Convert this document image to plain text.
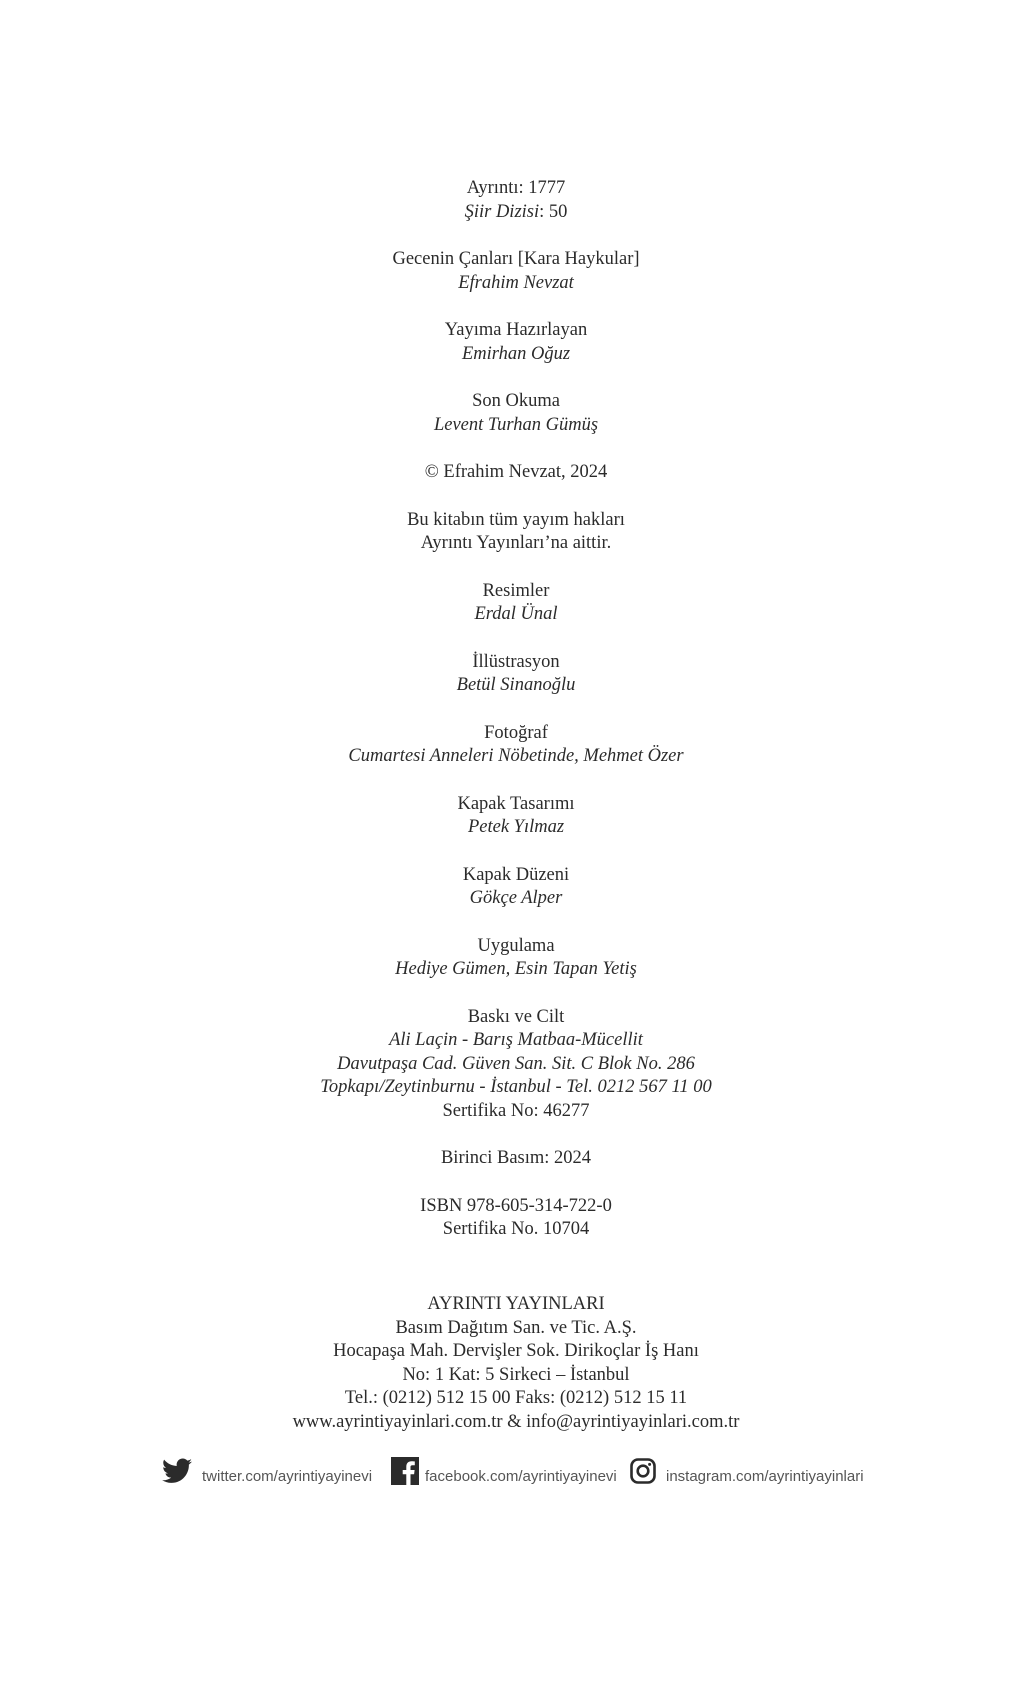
Ayrıntı: 1777
Şiir Dizisi: 50
Gecenin Çanları [Kara Haykular]
Efrahim Nevzat
Yayıma Hazırlayan
Emirhan Oğuz
Son Okuma
Levent Turhan Gümüş
© Efrahim Nevzat, 2024
Bu kitabın tüm yayım hakları
Ayrıntı Yayınları’na aittir.
Resimler
Erdal Ünal
İllüstrasyon
Betül Sinanoğlu
Fotoğraf
Cumartesi Anneleri Nöbetinde, Mehmet Özer
Kapak Tasarımı
Petek Yılmaz
Kapak Düzeni
Gökçe Alper
Uygulama
Hediye Gümen, Esin Tapan Yetiş
Baskı ve Cilt
Ali Laçin - Barış Matbaa-Mücellit
Davutpaşa Cad. Güven San. Sit. C Blok No. 286
Topkapı/Zeytinburnu - İstanbul - Tel. 0212 567 11 00
Sertifika No: 46277
Birinci Basım: 2024
ISBN 978-605-314-722-0
Sertifika No. 10704
AYRINTI YAYINLARI
Basım Dağıtım San. ve Tic. A.Ş.
Hocapaşa Mah. Dervişler Sok. Dirikoçlar İş Hanı
No: 1 Kat: 5 Sirkeci – İstanbul
Tel.: (0212) 512 15 00 Faks: (0212) 512 15 11
www.ayrintiyayinlari.com.tr & info@ayrintiyayinlari.com.tr
twitter.com/ayrintiyayinevi	facebook.com/ayrintiyayinevi	instagram.com/ayrintiyayinlari
